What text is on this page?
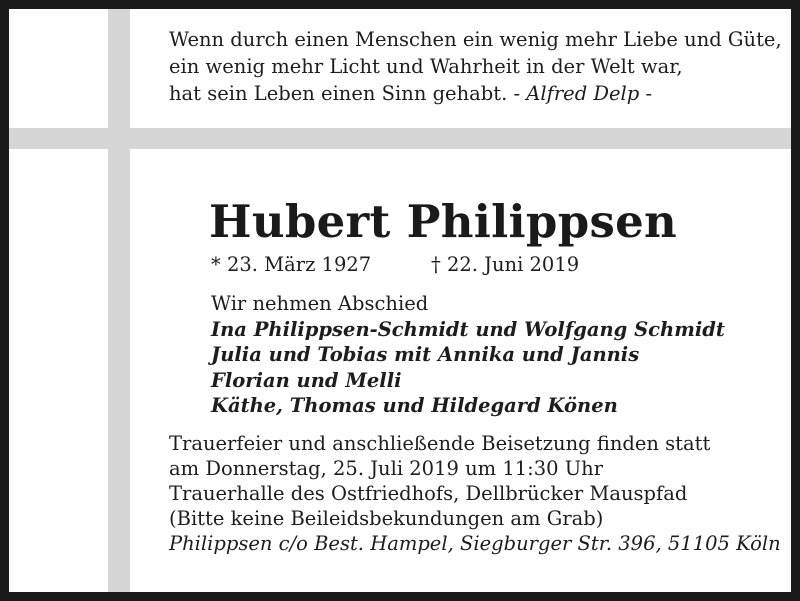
Wenn durch einen Menschen ein wenig mehr Liebe und Güte,
ein wenig mehr Licht und Wahrheit in der Welt war,
hat sein Leben einen Sinn gehabt. - Alfred Delp -
Hubert Philippsen
* 23. März 1927	† 22. Juni 2019
Wir nehmen Abschied
Ina Philippsen-Schmidt und Wolfgang Schmidt
Julia und Tobias mit Annika und Jannis
Florian und Melli
Käthe, Thomas und Hildegard Könen
Trauerfeier und anschließende Beisetzung finden statt
am Donnerstag, 25. Juli 2019 um 11:30 Uhr
Trauerhalle des Ostfriedhofs, Dellbrücker Mauspfad
(Bitte keine Beileidsbekundungen am Grab)
Philippsen c/o Best. Hampel, Siegburger Str. 396, 51105 Köln
